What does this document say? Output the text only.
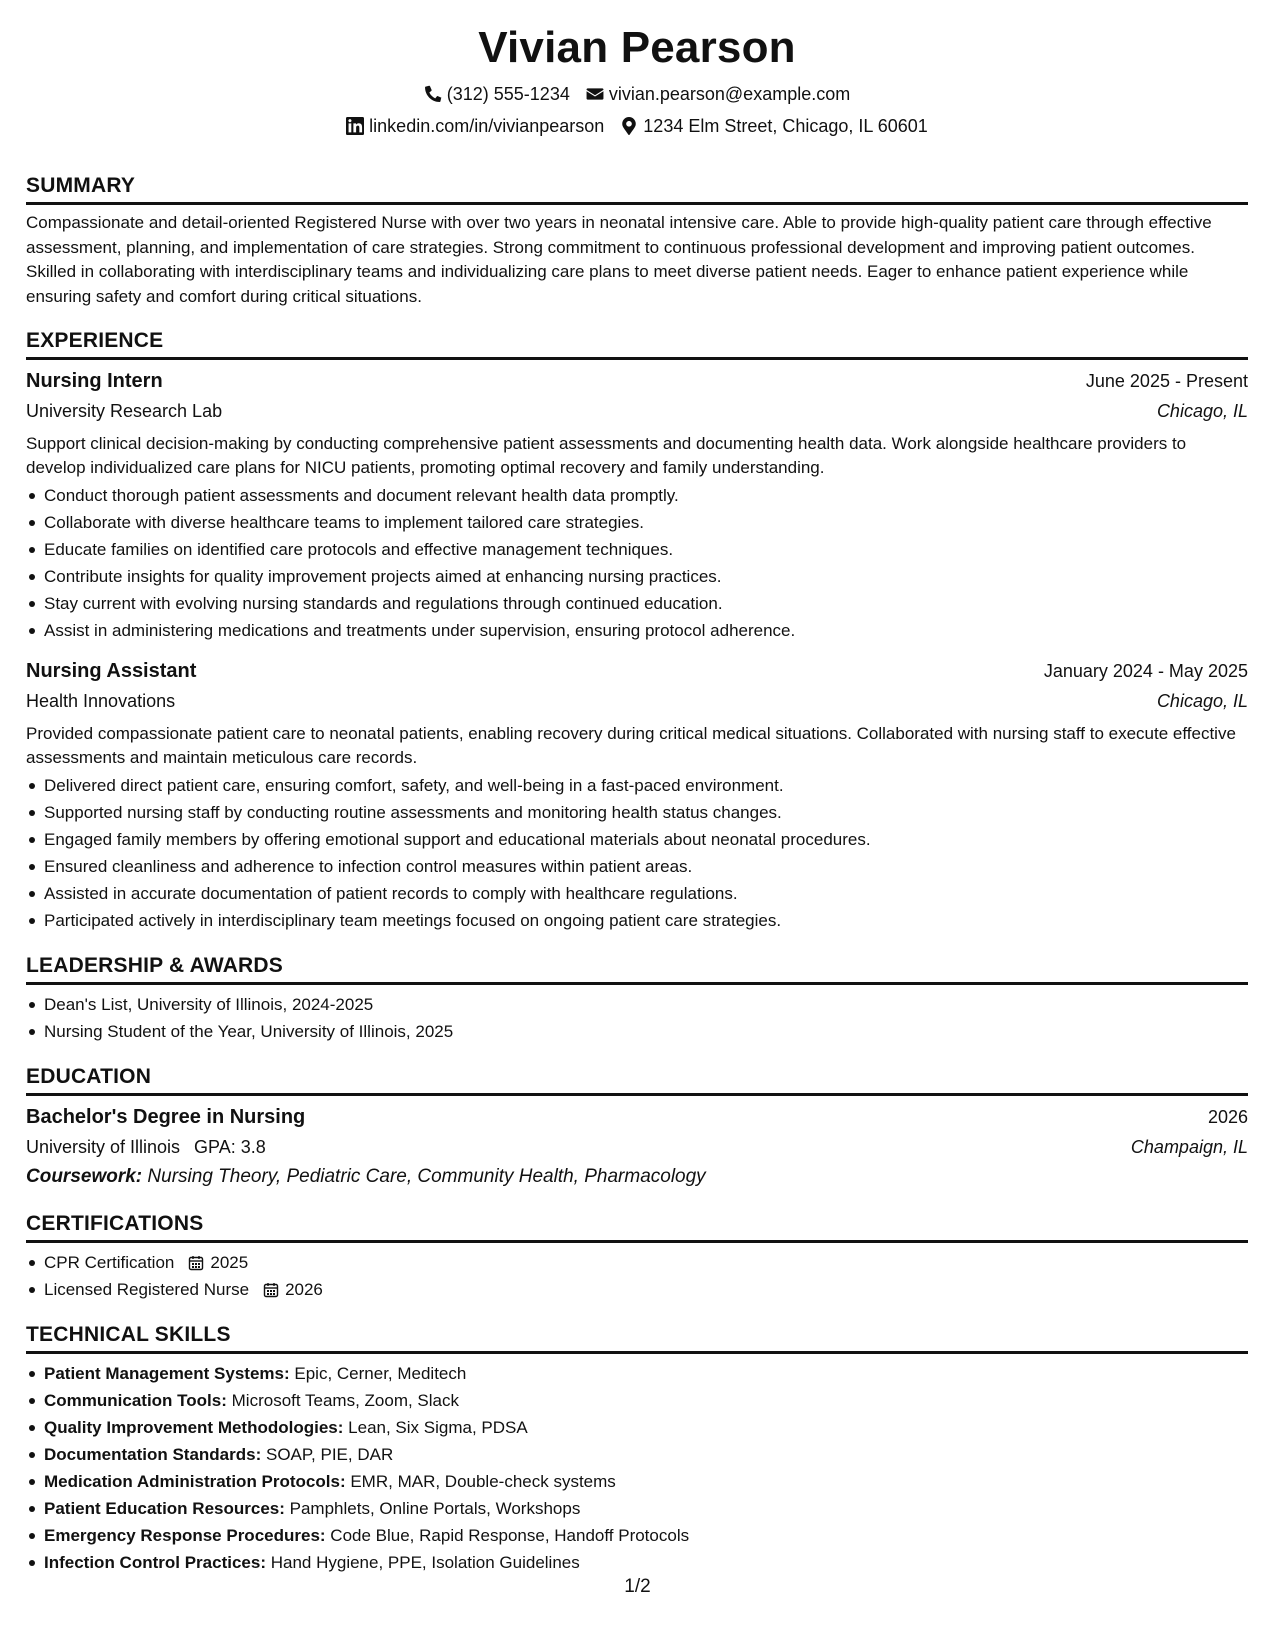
Vivian Pearson
(312) 555-1234 vivian.pearson@example.com
linkedin.com/in/vivianpearson 1234 Elm Street, Chicago, IL 60601
SUMMARY
Compassionate and detail-oriented Registered Nurse with over two years in neonatal intensive care. Able to provide high-quality patient care through effective assessment, planning, and implementation of care strategies. Strong commitment to continuous professional development and improving patient outcomes. Skilled in collaborating with interdisciplinary teams and individualizing care plans to meet diverse patient needs. Eager to enhance patient experience while ensuring safety and comfort during critical situations.
EXPERIENCE
Nursing Intern	June 2025 - Present
University Research Lab	Chicago, IL
Support clinical decision-making by conducting comprehensive patient assessments and documenting health data. Work alongside healthcare providers to develop individualized care plans for NICU patients, promoting optimal recovery and family understanding.
Conduct thorough patient assessments and document relevant health data promptly.
Collaborate with diverse healthcare teams to implement tailored care strategies.
Educate families on identified care protocols and effective management techniques.
Contribute insights for quality improvement projects aimed at enhancing nursing practices.
Stay current with evolving nursing standards and regulations through continued education.
Assist in administering medications and treatments under supervision, ensuring protocol adherence.
Nursing Assistant	January 2024 - May 2025
Health Innovations	Chicago, IL
Provided compassionate patient care to neonatal patients, enabling recovery during critical medical situations. Collaborated with nursing staff to execute effective assessments and maintain meticulous care records.
Delivered direct patient care, ensuring comfort, safety, and well-being in a fast-paced environment.
Supported nursing staff by conducting routine assessments and monitoring health status changes.
Engaged family members by offering emotional support and educational materials about neonatal procedures.
Ensured cleanliness and adherence to infection control measures within patient areas.
Assisted in accurate documentation of patient records to comply with healthcare regulations.
Participated actively in interdisciplinary team meetings focused on ongoing patient care strategies.
LEADERSHIP & AWARDS
Dean's List, University of Illinois, 2024-2025
Nursing Student of the Year, University of Illinois, 2025
EDUCATION
Bachelor's Degree in Nursing	2026
University of Illinois GPA: 3.8	Champaign, IL
Coursework: Nursing Theory, Pediatric Care, Community Health, Pharmacology
CERTIFICATIONS
CPR Certification 2025
Licensed Registered Nurse 2026
TECHNICAL SKILLS
Patient Management Systems: Epic, Cerner, Meditech
Communication Tools: Microsoft Teams, Zoom, Slack
Quality Improvement Methodologies: Lean, Six Sigma, PDSA
Documentation Standards: SOAP, PIE, DAR
Medication Administration Protocols: EMR, MAR, Double-check systems
Patient Education Resources: Pamphlets, Online Portals, Workshops
Emergency Response Procedures: Code Blue, Rapid Response, Handoff Protocols
Infection Control Practices: Hand Hygiene, PPE, Isolation Guidelines
1/2
